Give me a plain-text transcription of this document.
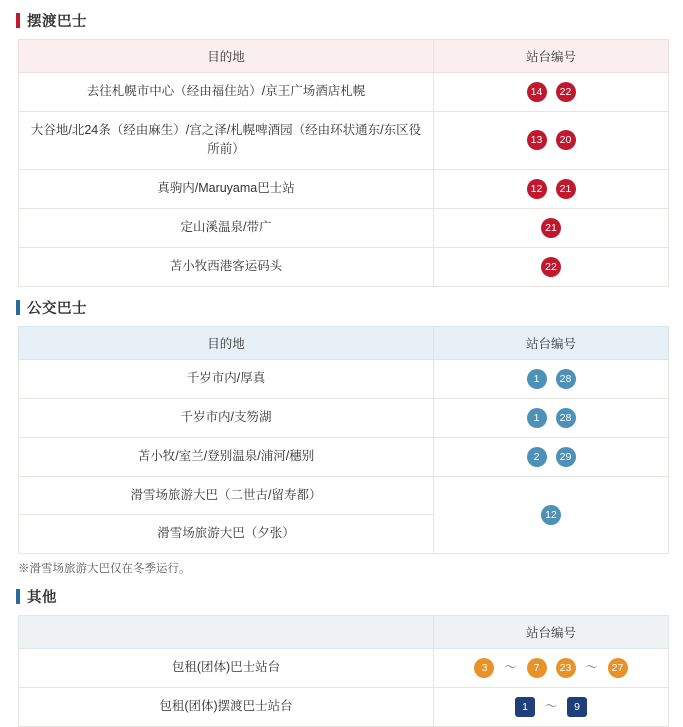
摆渡巴士
目的地	站台编号
去往札幌市中心（经由福住站）/京王广场酒店札幌	14 22

大谷地/北24条（经由麻生）/宫之泽/札幌啤酒园（经由环状通东/东区役所前）	13 20

真驹内/Maruyama巴士站	12 21

定山溪温泉/带广	21

苫小牧西港客运码头	22
公交巴士
目的地	站台编号
千岁市内/厚真	1 28

千岁市内/支笏湖	1 28

苫小牧/室兰/登别温泉/浦河/穗别	2 29

滑雪场旅游大巴（二世古/留寿都）	12

滑雪场旅游大巴（夕张）	
※滑雪场旅游大巴仅在冬季运行。
其他
	站台编号
包租(团体)巴士站台	3	～	7	23	～	27

包租(团体)摆渡巴士站台	1 ～ 9
